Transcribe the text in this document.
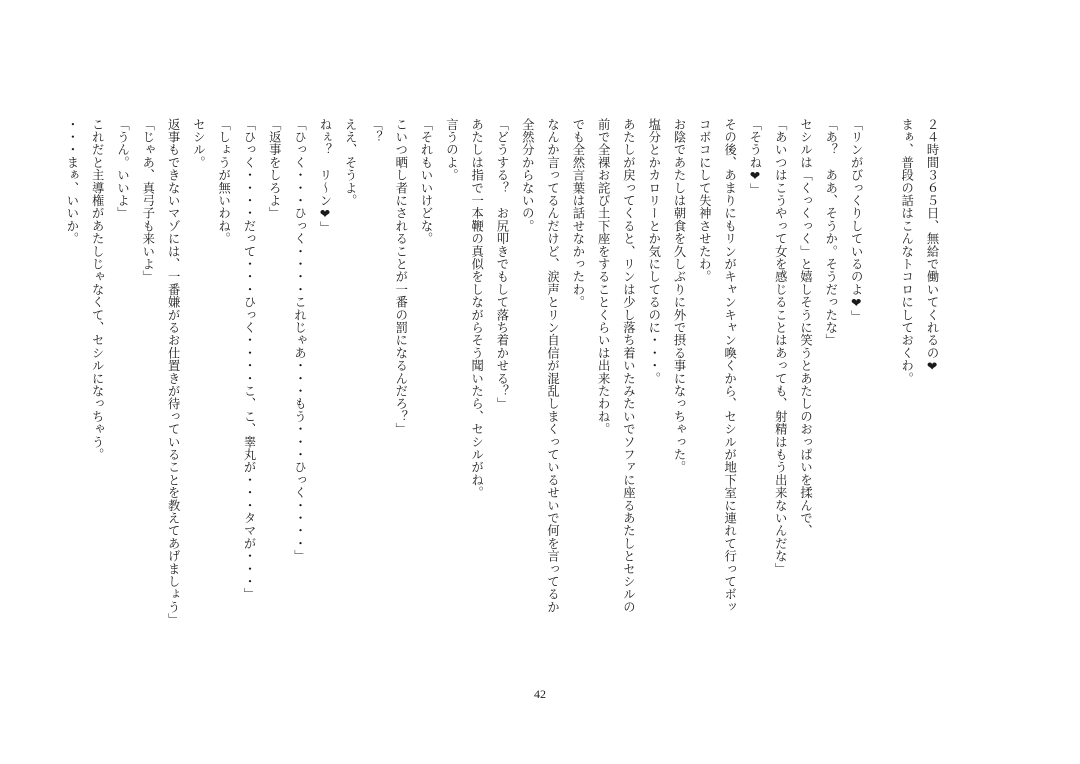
２４時間３６５日、無給で働いてくれるの❤
まぁ、普段の話はこんなトコロにしておくわ。

「リンがびっくりしているのよ❤」
「あ？　ああ、そうか。そうだったな」
セシルは「くっくっく」と嬉しそうに笑うとあたしのおっぱいを揉んで、
「あいつはこうやって女を感じることはあっても、射精はもう出来ないんだな」
「そうね❤」
その後、あまりにもリンがキャンキャン喚くから、セシルが地下室に連れて行ってボッ
コボコにして失神させたわ。
お陰であたしは朝食を久しぶりに外で摂る事になっちゃった。
塩分とかカロリーとか気にしてるのに・・・。
あたしが戻ってくると、リンは少し落ち着いたみたいでソファに座るあたしとセシルの
前で全裸お詫び土下座をすることくらいは出来たわね。
でも全然言葉は話せなかったわ。
なんか言ってるんだけど、涙声とリン自信が混乱しまくっているせいで何を言ってるか
全然分からないの。
「どうする？　お尻叩きでもして落ち着かせる？」
あたしは指で一本鞭の真似をしながらそう聞いたら、セシルがね。
言うのよ。
「それもいいけどな。
こいつ晒し者にされることが一番の罰になるんだろ？」
「？
ええ、そうよ。
ねぇ？　リ～ン❤」
「ひっく・・・ひっく・・・・これじゃあ・・・もう・・・ひっく・・・・」
「返事をしろよ」
「ひっく・・・・だって・・・ひっく・・・・こ、こ、睾丸が・・・タマが・・・」
「しょうが無いわね。
セシル。
返事もできないマゾには、一番嫌がるお仕置きが待っていることを教えてあげましょう」
「じゃあ、真弓子も来いよ」
「うん。いいよ」
これだと主導権があたしじゃなくて、セシルになっちゃう。
・・・まぁ、いいか。
42
